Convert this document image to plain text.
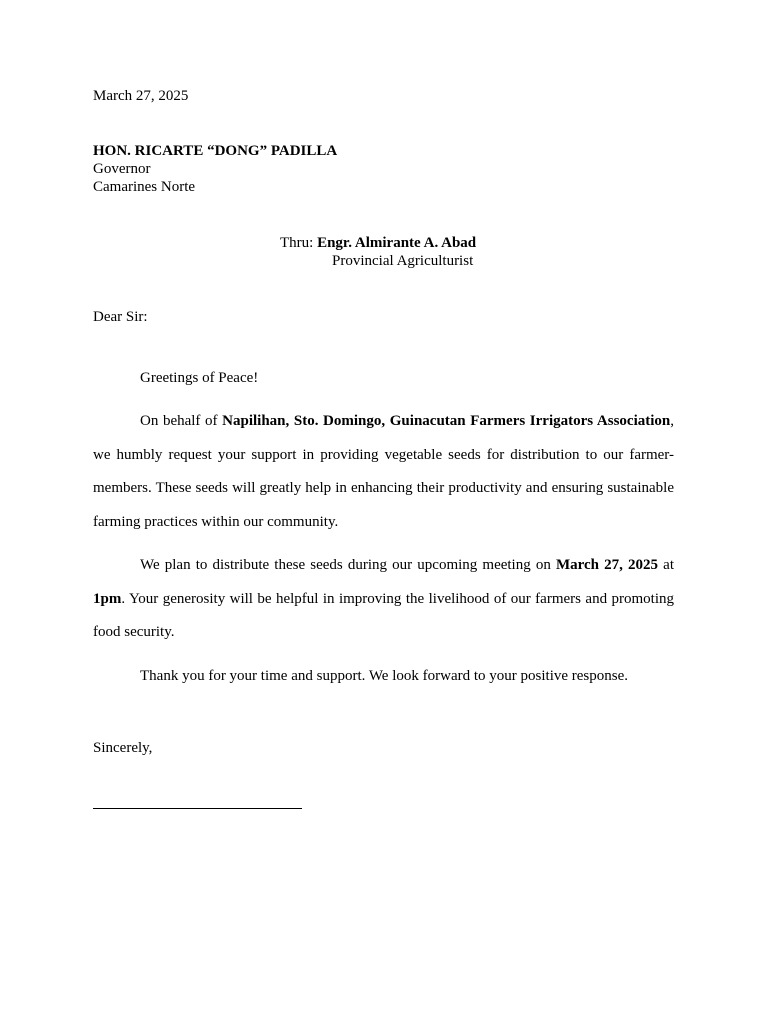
March 27, 2025
HON. RICARTE “DONG” PADILLA
Governor
Camarines Norte
Thru: Engr. Almirante A. Abad
Provincial Agriculturist
Dear Sir:
Greetings of Peace!
On behalf of Napilihan, Sto. Domingo, Guinacutan Farmers Irrigators Association, we humbly request your support in providing vegetable seeds for distribution to our farmer-members. These seeds will greatly help in enhancing their productivity and ensuring sustainable farming practices within our community.
We plan to distribute these seeds during our upcoming meeting on March 27, 2025 at 1pm. Your generosity will be helpful in improving the livelihood of our farmers and promoting food security.
Thank you for your time and support. We look forward to your positive response.
Sincerely,
